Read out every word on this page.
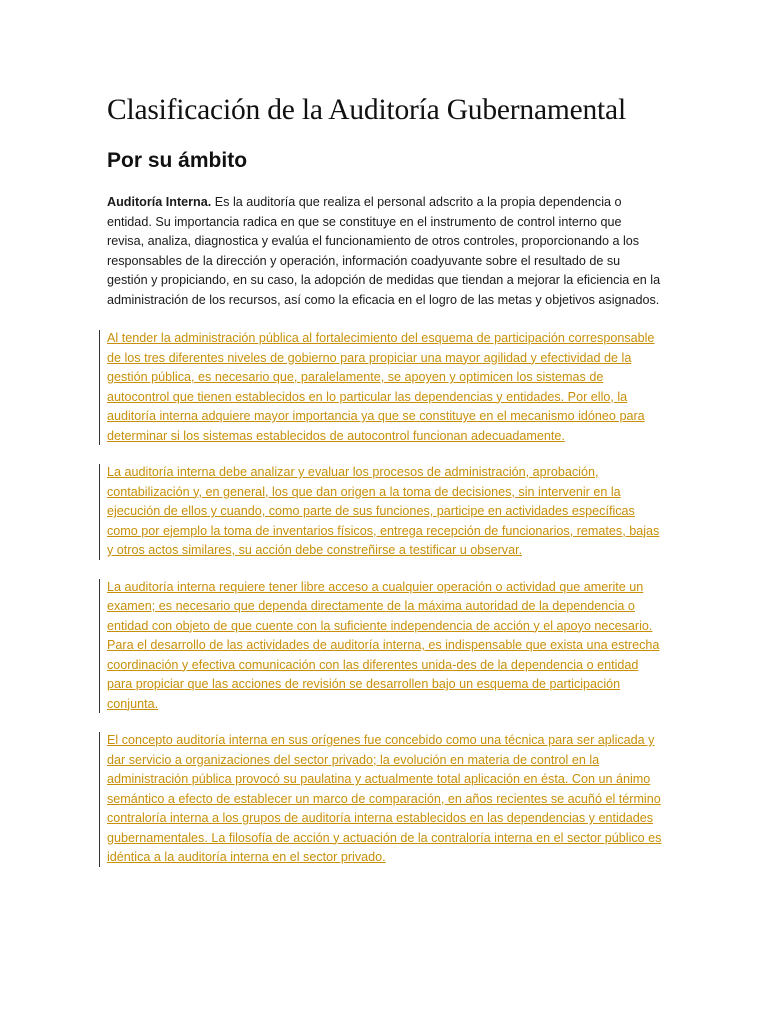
Clasificación de la Auditoría Gubernamental
Por su ámbito

Auditoría Interna. Es la auditoría que realiza el personal adscrito a la propia dependencia o entidad. Su importancia radica en que se constituye en el instrumento de control interno que revisa, analiza, diagnostica y evalúa el funcionamiento de otros controles, proporcionando a los responsables de la dirección y operación, información coadyuvante sobre el resultado de su gestión y propiciando, en su caso, la adopción de medidas que tiendan a mejorar la eficiencia en la administración de los recursos, así como la eficacia en el logro de las metas y objetivos asignados.

Al tender la administración pública al fortalecimiento del esquema de participación corresponsable de los tres diferentes niveles de gobierno para propiciar una mayor agilidad y efectividad de la gestión pública, es necesario que, paralelamente, se apoyen y optimicen los sistemas de autocontrol que tienen establecidos en lo particular las dependencias y entidades. Por ello, la auditoría interna adquiere mayor importancia ya que se constituye en el mecanismo idóneo para determinar si los sistemas establecidos de autocontrol funcionan adecuadamente.

La auditoría interna debe analizar y evaluar los procesos de administración, aprobación, contabilización y, en general, los que dan origen a la toma de decisiones, sin intervenir en la ejecución de ellos y cuando, como parte de sus funciones, participe en actividades específicas como por ejemplo la toma de inventarios físicos, entrega recepción de funcionarios, remates, bajas y otros actos similares, su acción debe constreñirse a testificar u observar.

La auditoría interna requiere tener libre acceso a cualquier operación o actividad que amerite un examen; es necesario que dependa directamente de la máxima autoridad de la dependencia o entidad con objeto de que cuente con la suficiente independencia de acción y el apoyo necesario. Para el desarrollo de las actividades de auditoría interna, es indispensable que exista una estrecha coordinación y efectiva comunicación con las diferentes unida-des de la dependencia o entidad para propiciar que las acciones de revisión se desarrollen bajo un esquema de participación conjunta.

El concepto auditoría interna en sus orígenes fue concebido como una técnica para ser aplicada y dar servicio a organizaciones del sector privado; la evolución en materia de control en la administración pública provocó su paulatina y actualmente total aplicación en ésta. Con un ánimo semántico a efecto de establecer un marco de comparación, en años recientes se acuñó el término contraloría interna a los grupos de auditoría interna establecidos en las dependencias y entidades gubernamentales. La filosofía de acción y actuación de la contraloría interna en el sector público es idéntica a la auditoría interna en el sector privado.
